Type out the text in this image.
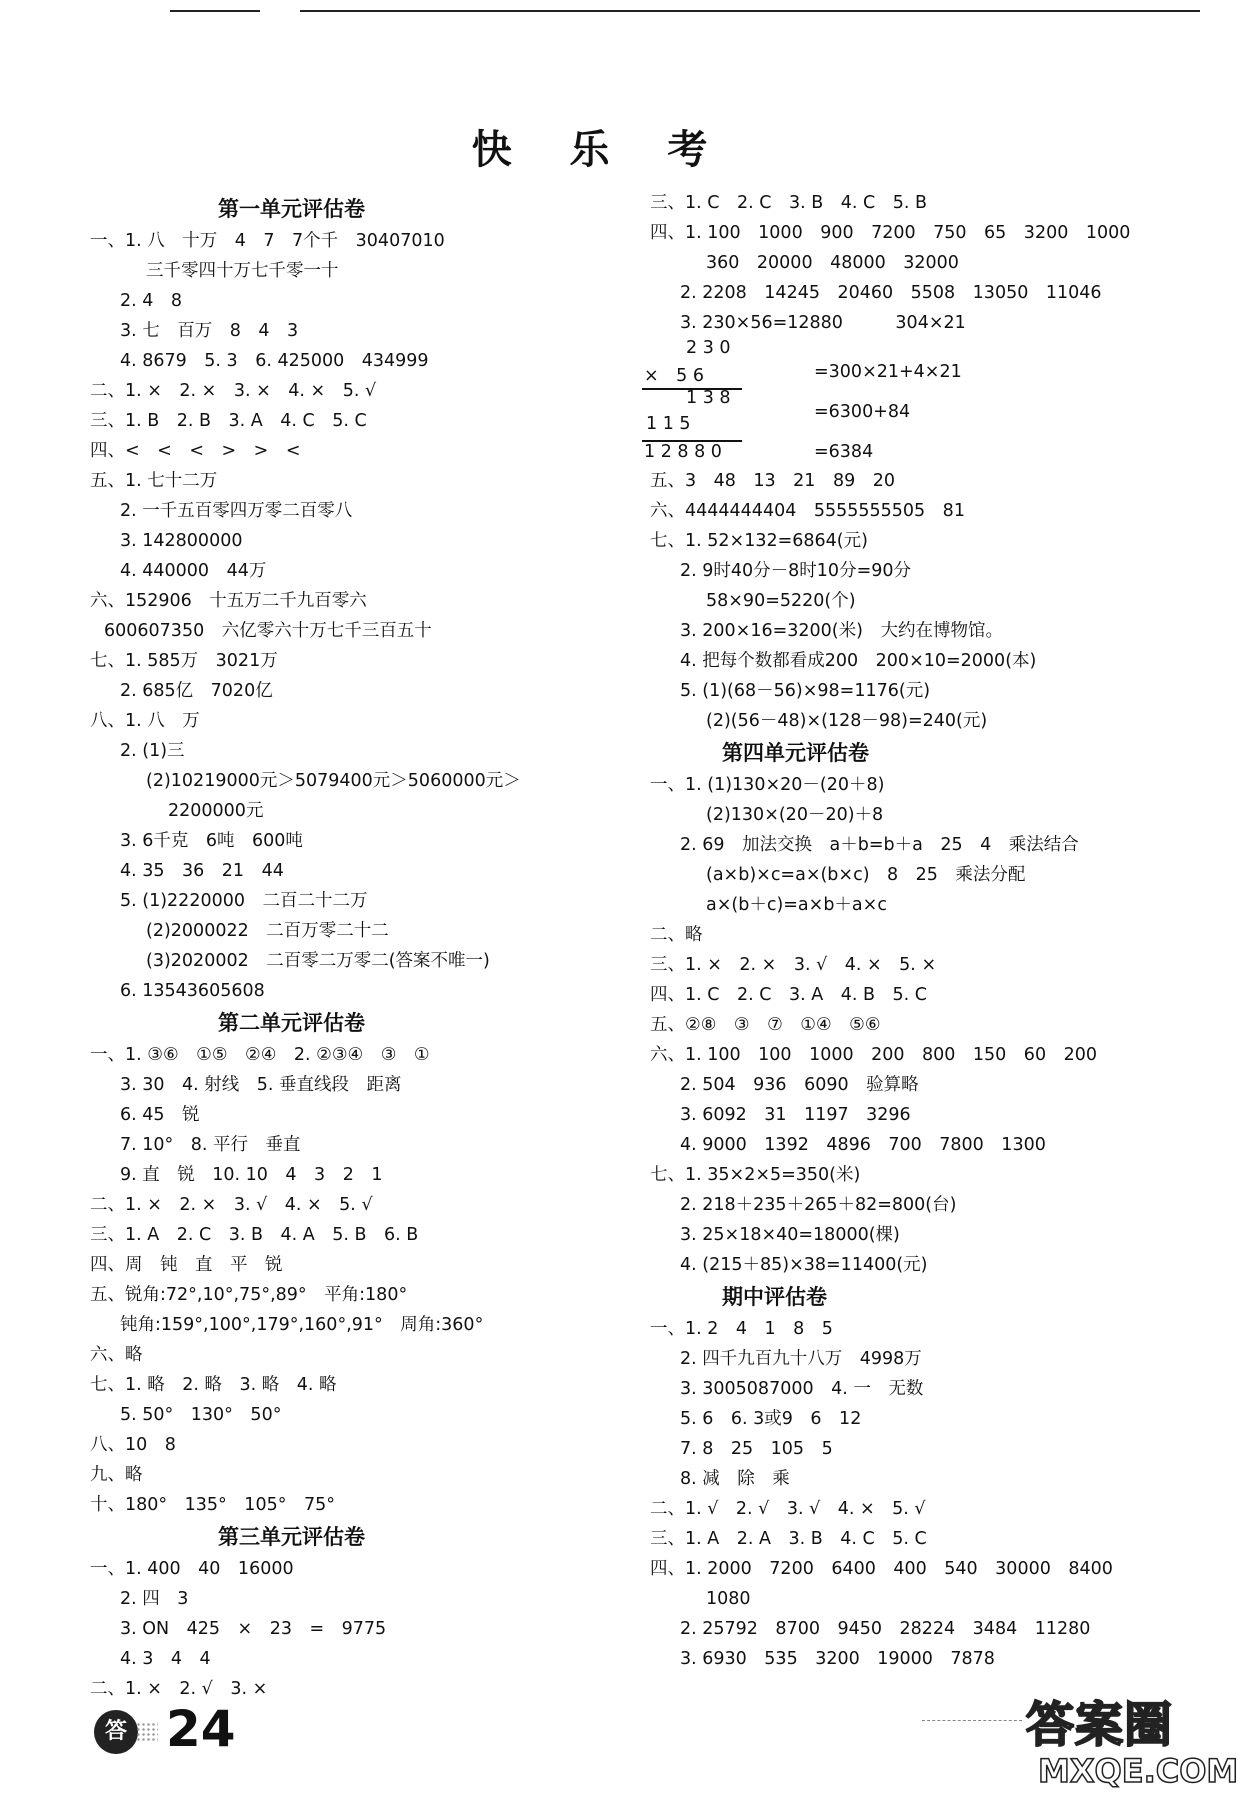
快 乐 考
第一单元评估卷
一、1. 八　十万　4　7　7个千　30407010
三千零四十万七千零一十
2. 4　8
3. 七　百万　8　4　3
4. 8679　5. 3　6. 425000　434999
二、1. ×　2. ×　3. ×　4. ×　5. √
三、1. B　2. B　3. A　4. C　5. C
四、<　<　<　>　>　<
五、1. 七十二万
2. 一千五百零四万零二百零八
3. 142800000
4. 440000　44万
六、152906　十五万二千九百零六
600607350　六亿零六十万七千三百五十
七、1. 585万　3021万
2. 685亿　7020亿
八、1. 八　万
2. (1)三
(2)10219000元＞5079400元＞5060000元＞
2200000元
3. 6千克　6吨　600吨
4. 35　36　21　44
5. (1)2220000　二百二十二万
(2)2000022　二百万零二十二
(3)2020002　二百零二万零二(答案不唯一)
6. 13543605608
第二单元评估卷
一、1. ③⑥　①⑤　②④　2. ②③④　③　①
3. 30　4. 射线　5. 垂直线段　距离
6. 45　锐
7. 10°　8. 平行　垂直
9. 直　锐　10. 10　4　3　2　1
二、1. ×　2. ×　3. √　4. ×　5. √
三、1. A　2. C　3. B　4. A　5. B　6. B
四、周　钝　直　平　锐
五、锐角:72°,10°,75°,89°　平角:180°
钝角:159°,100°,179°,160°,91°　周角:360°
六、略
七、1. 略　2. 略　3. 略　4. 略
5. 50°　130°　50°
八、10　8
九、略
十、180°　135°　105°　75°
第三单元评估卷
一、1. 400　40　16000
2. 四　3
3. ON　425　×　23　=　9775
4. 3　4　4
二、1. ×　2. √　3. ×
三、1. C　2. C　3. B　4. C　5. B
四、1. 100　1000　900　7200　750　65　3200　1000
360　20000　48000　32000
2. 2208　14245　20460　5508　13050　11046
3. 230×56=12880　　　304×21
2 3 0
×　5 6
1 3 8
1 1 5
1 2 8 8 0
=300×21+4×21
=6300+84
=6384
五、3　48　13　21　89　20
六、4444444404　5555555505　81
七、1. 52×132=6864(元)
2. 9时40分－8时10分=90分
58×90=5220(个)
3. 200×16=3200(米)　大约在博物馆。
4. 把每个数都看成200　200×10=2000(本)
5. (1)(68－56)×98=1176(元)
(2)(56－48)×(128－98)=240(元)
第四单元评估卷
一、1. (1)130×20－(20＋8)
(2)130×(20－20)＋8
2. 69　加法交换　a＋b=b＋a　25　4　乘法结合
(a×b)×c=a×(b×c)　8　25　乘法分配
a×(b＋c)=a×b＋a×c
二、略
三、1. ×　2. ×　3. √　4. ×　5. ×
四、1. C　2. C　3. A　4. B　5. C
五、②⑧　③　⑦　①④　⑤⑥
六、1. 100　100　1000　200　800　150　60　200
2. 504　936　6090　验算略
3. 6092　31　1197　3296
4. 9000　1392　4896　700　7800　1300
七、1. 35×2×5=350(米)
2. 218＋235＋265＋82=800(台)
3. 25×18×40=18000(棵)
4. (215＋85)×38=11400(元)
期中评估卷
一、1. 2　4　1　8　5
2. 四千九百九十八万　4998万
3. 3005087000　4. 一　无数
5. 6　6. 3或9　6　12
7. 8　25　105　5
8. 减　除　乘
二、1. √　2. √　3. √　4. ×　5. √
三、1. A　2. A　3. B　4. C　5. C
四、1. 2000　7200　6400　400　540　30000　8400
1080
2. 25792　8700　9450　28224　3484　11280
3. 6930　535　3200　19000　7878
答 24	答案圈
MXQE.COM
